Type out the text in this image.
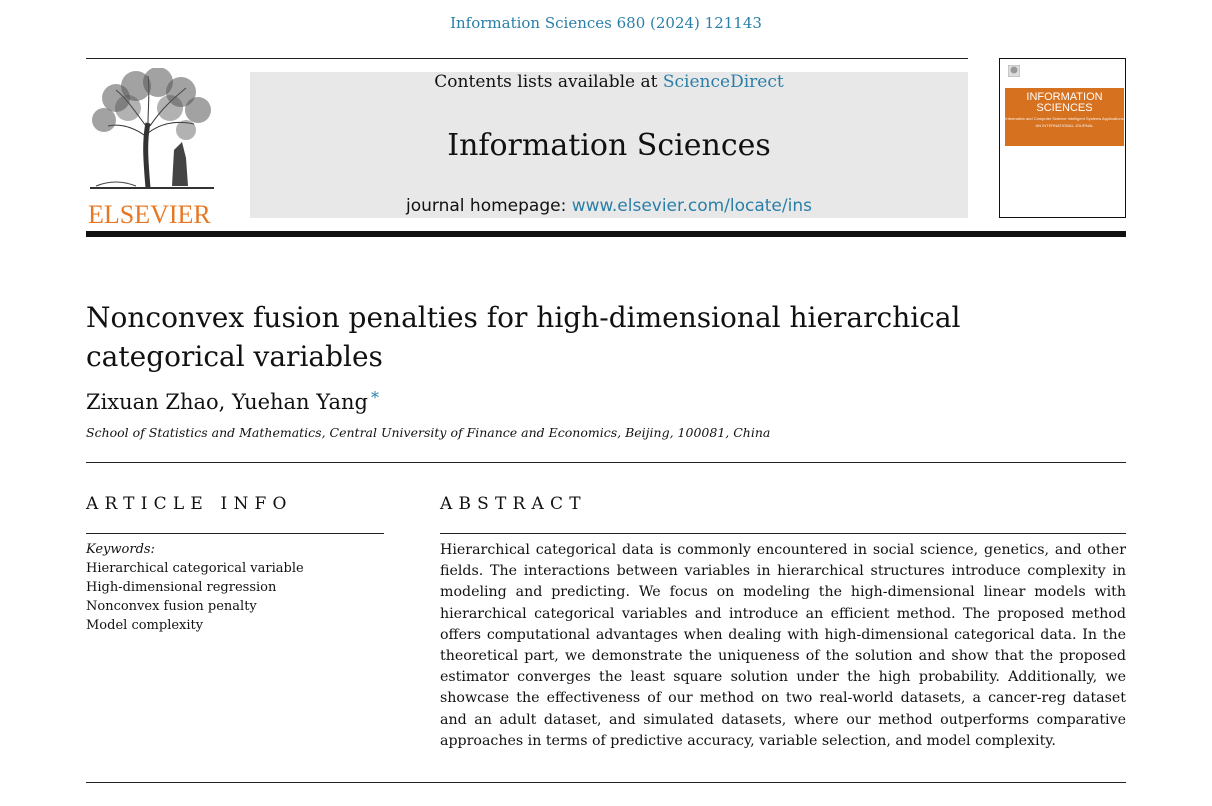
Information Sciences 680 (2024) 121143
ELSEVIER
Contents lists available at ScienceDirect
Information Sciences
journal homepage: www.elsevier.com/locate/ins
INFORMATION SCIENCES
Informatics and Computer Science Intelligent Systems Applications
AN INTERNATIONAL JOURNAL
Nonconvex fusion penalties for high-dimensional hierarchical categorical variables
Zixuan Zhao, Yuehan Yang *
School of Statistics and Mathematics, Central University of Finance and Economics, Beijing, 100081, China
ARTICLE INFO	ABSTRACT
Keywords:
Hierarchical categorical variable
High-dimensional regression
Nonconvex fusion penalty
Model complexity
Hierarchical categorical data is commonly encountered in social science, genetics, and other fields. The interactions between variables in hierarchical structures introduce complexity in modeling and predicting. We focus on modeling the high-dimensional linear models with hierarchical categorical variables and introduce an efficient method. The proposed method offers computational advantages when dealing with high-dimensional categorical data. In the theoretical part, we demonstrate the uniqueness of the solution and show that the proposed estimator converges the least square solution under the high probability. Additionally, we showcase the effectiveness of our method on two real-world datasets, a cancer-reg dataset and an adult dataset, and simulated datasets, where our method outperforms comparative approaches in terms of predictive accuracy, variable selection, and model complexity.
